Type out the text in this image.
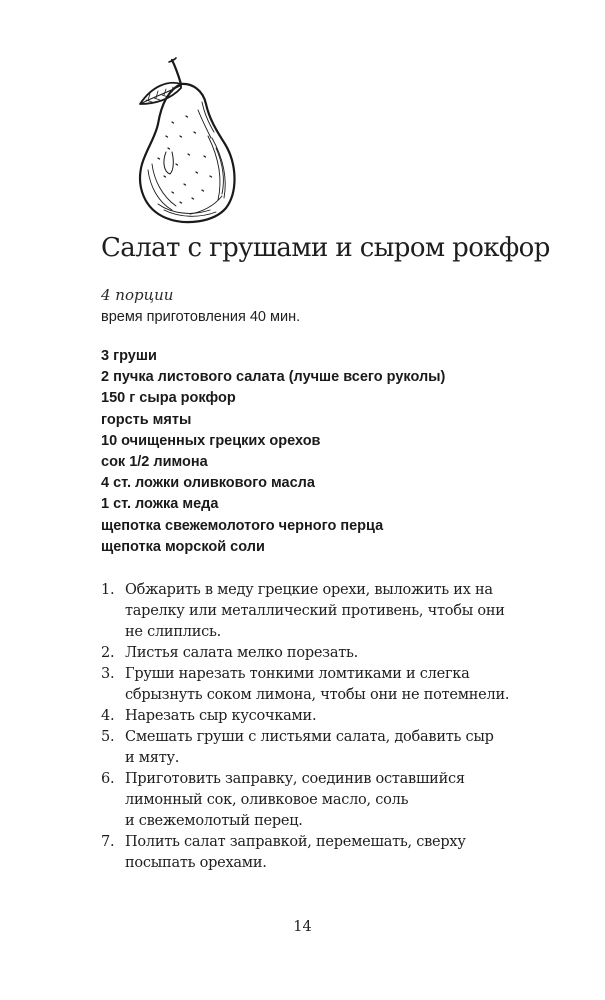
Салат с грушами и сыром рокфор
4 порции
время приготовления 40 мин.
3 груши
2 пучка листового салата (лучше всего руколы)
150 г сыра рокфор
горсть мяты
10 очищенных грецких орехов
сок 1/2 лимона
4 ст. ложки оливкового масла
1 ст. ложка меда
щепотка свежемолотого черного перца
щепотка морской соли
1. Обжарить в меду грецкие орехи, выложить их на
тарелку или металлический противень, чтобы они
не слиплись.
2. Листья салата мелко порезать.
3. Груши нарезать тонкими ломтиками и слегка
сбрызнуть соком лимона, чтобы они не потемнели.
4. Нарезать сыр кусочками.
5. Смешать груши с листьями салата, добавить сыр
и мяту.
6. Приготовить заправку, соединив оставшийся
лимонный сок, оливковое масло, соль
и свежемолотый перец.
7. Полить салат заправкой, перемешать, сверху
посыпать орехами.
14
